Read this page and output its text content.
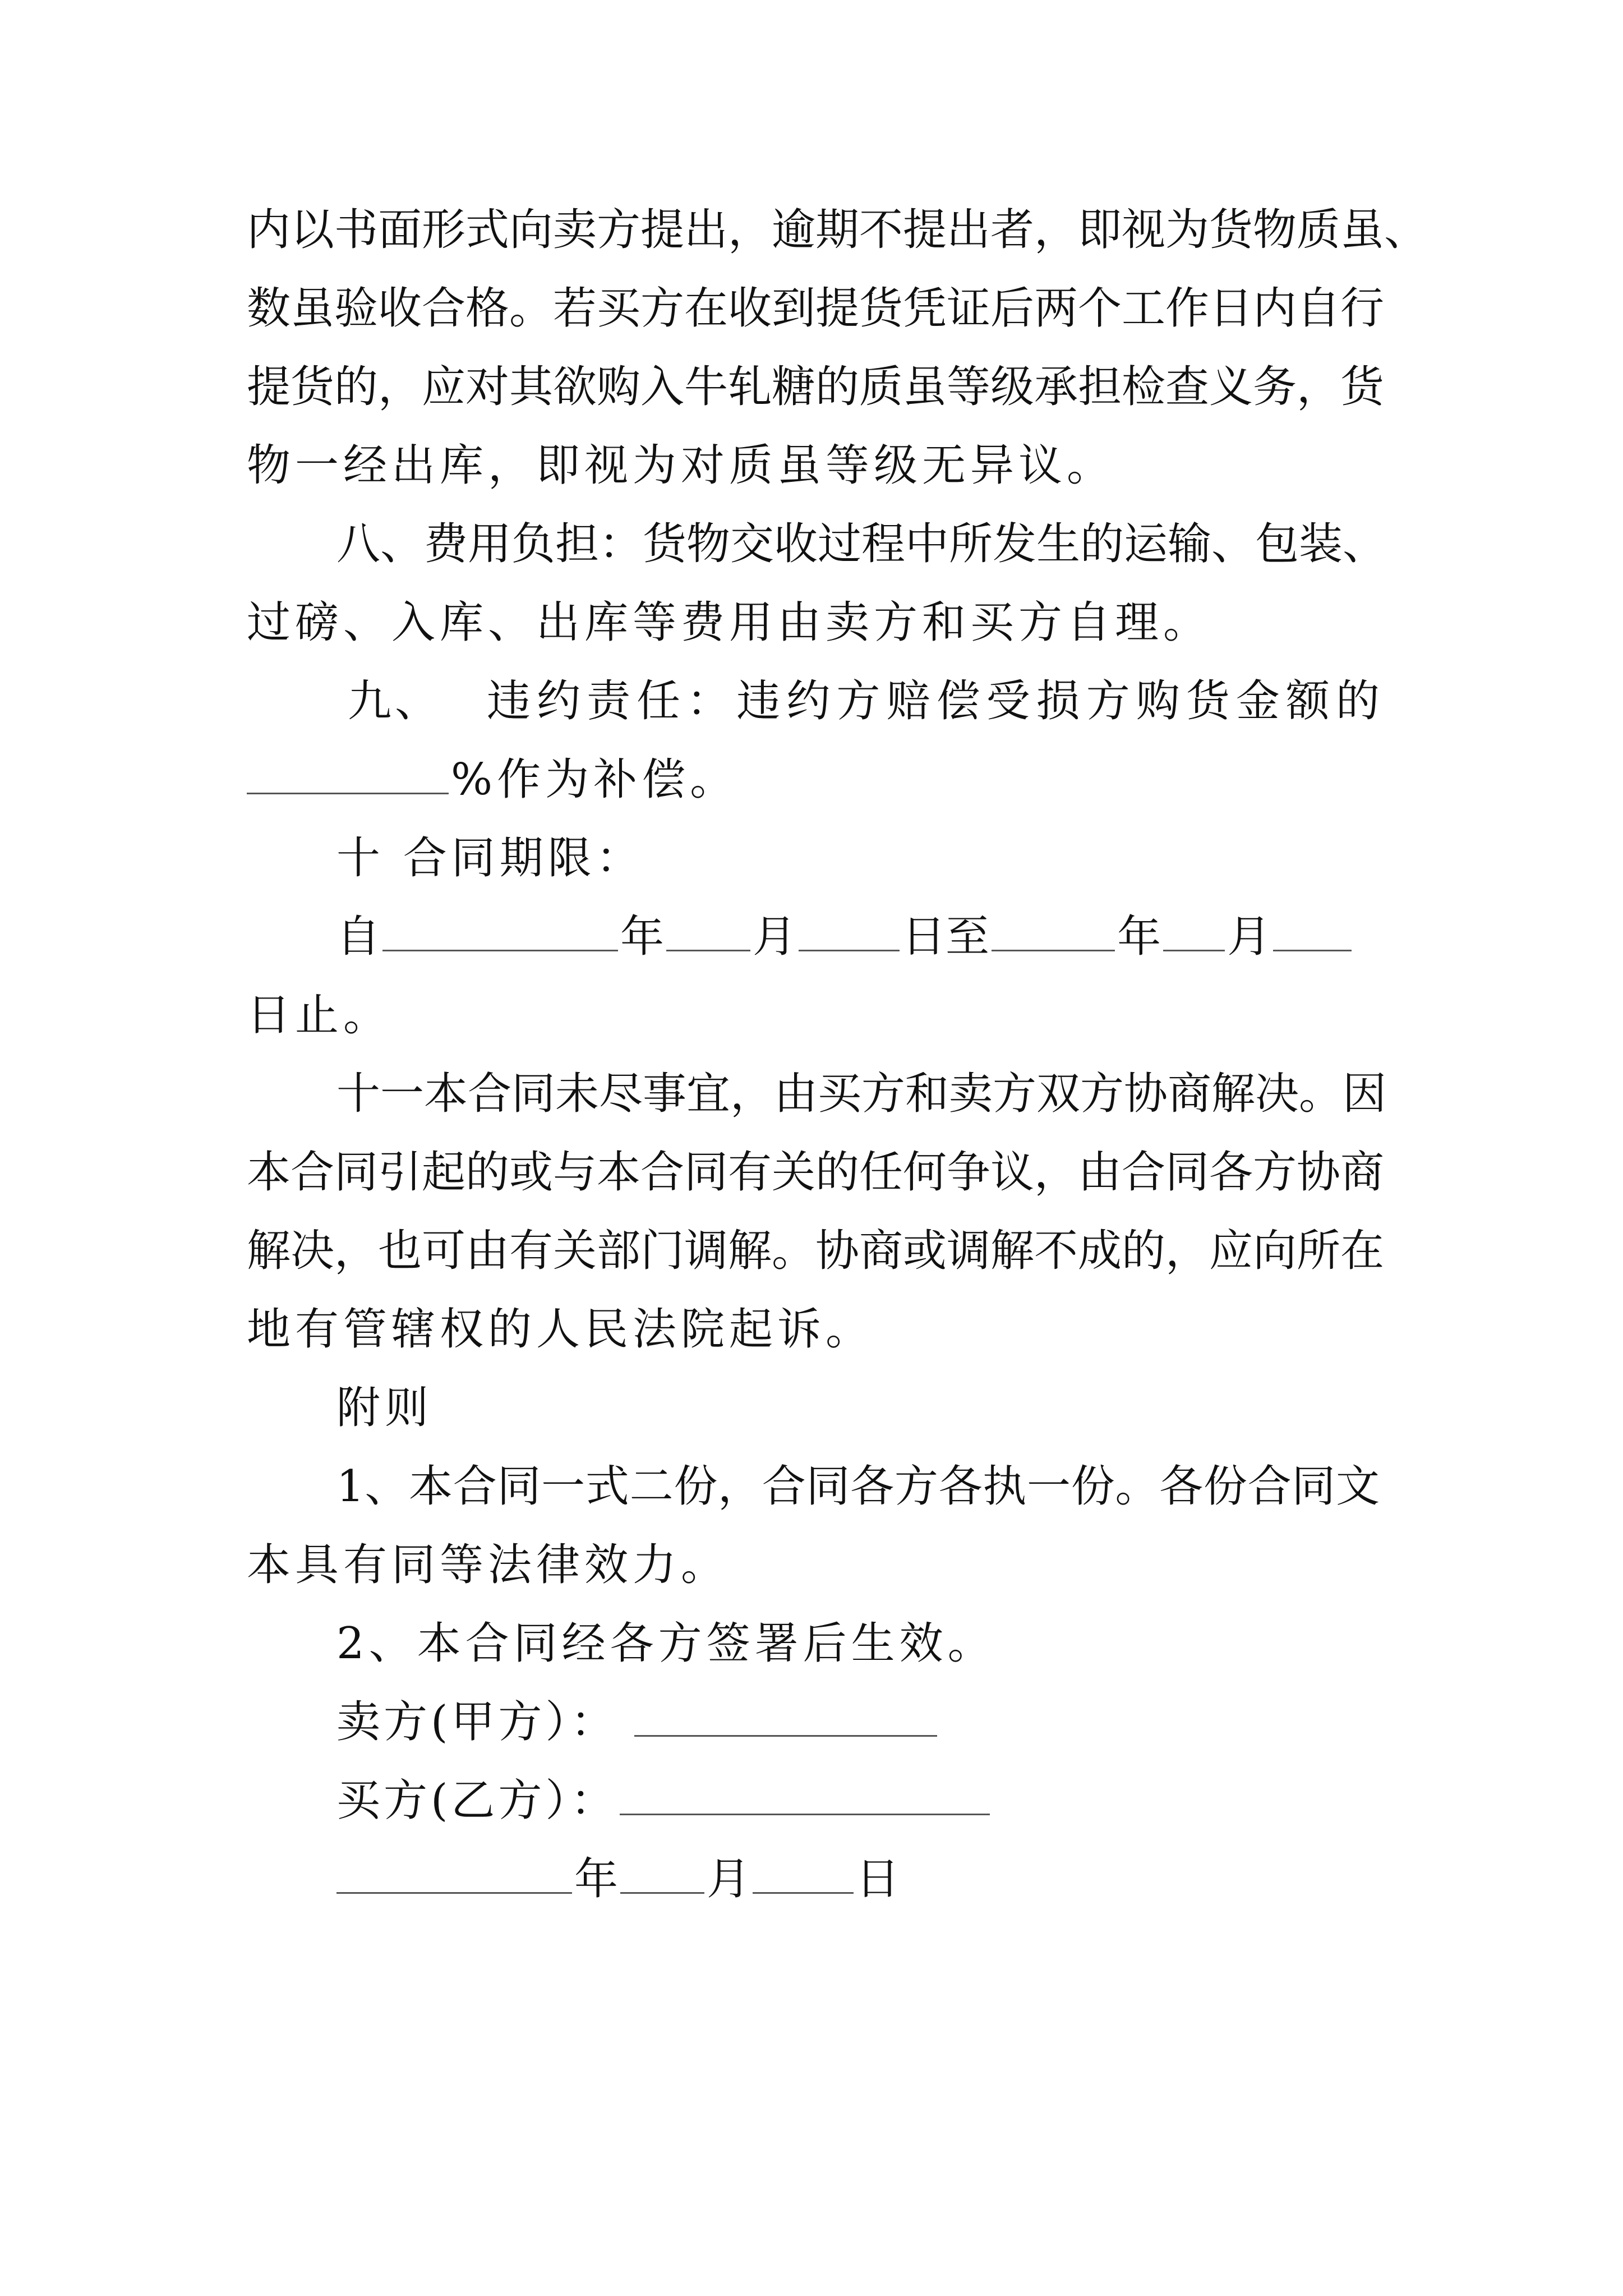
内以书面形式向卖方提出，逾期不提出者，即视为货物质虽、
数虽验收合格。若买方在收到提货凭证后两个工作日内自行
提货的，应对其欲购入牛轧糖的质虽等级承担检查义务，货
物一经出库，即视为对质虽等级无异议。
八、费用负担：货物交收过程中所发生的运输、包装、
过磅、入库、出库等费用由卖方和买方自理。
九、 违约责任：违约方赔偿受损方购货金额的
%作为补偿。
十 合同期限：
自	年 月 日至	年 月
日止。
十一本合同未尽事宜，由买方和卖方双方协商解决。因
本合同引起的或与本合同有关的任何争议，由合同各方协商
解决，也可由有关部门调解。协商或调解不成的，应向所在
地有管辖权的人民法院起诉。
附则
1、本合同一式二份，合同各方各执一份。各份合同文
本具有同等法律效力。
2、本合同经各方签署后生效。
卖方(甲方）：
买方(乙方）：
年 月 日
